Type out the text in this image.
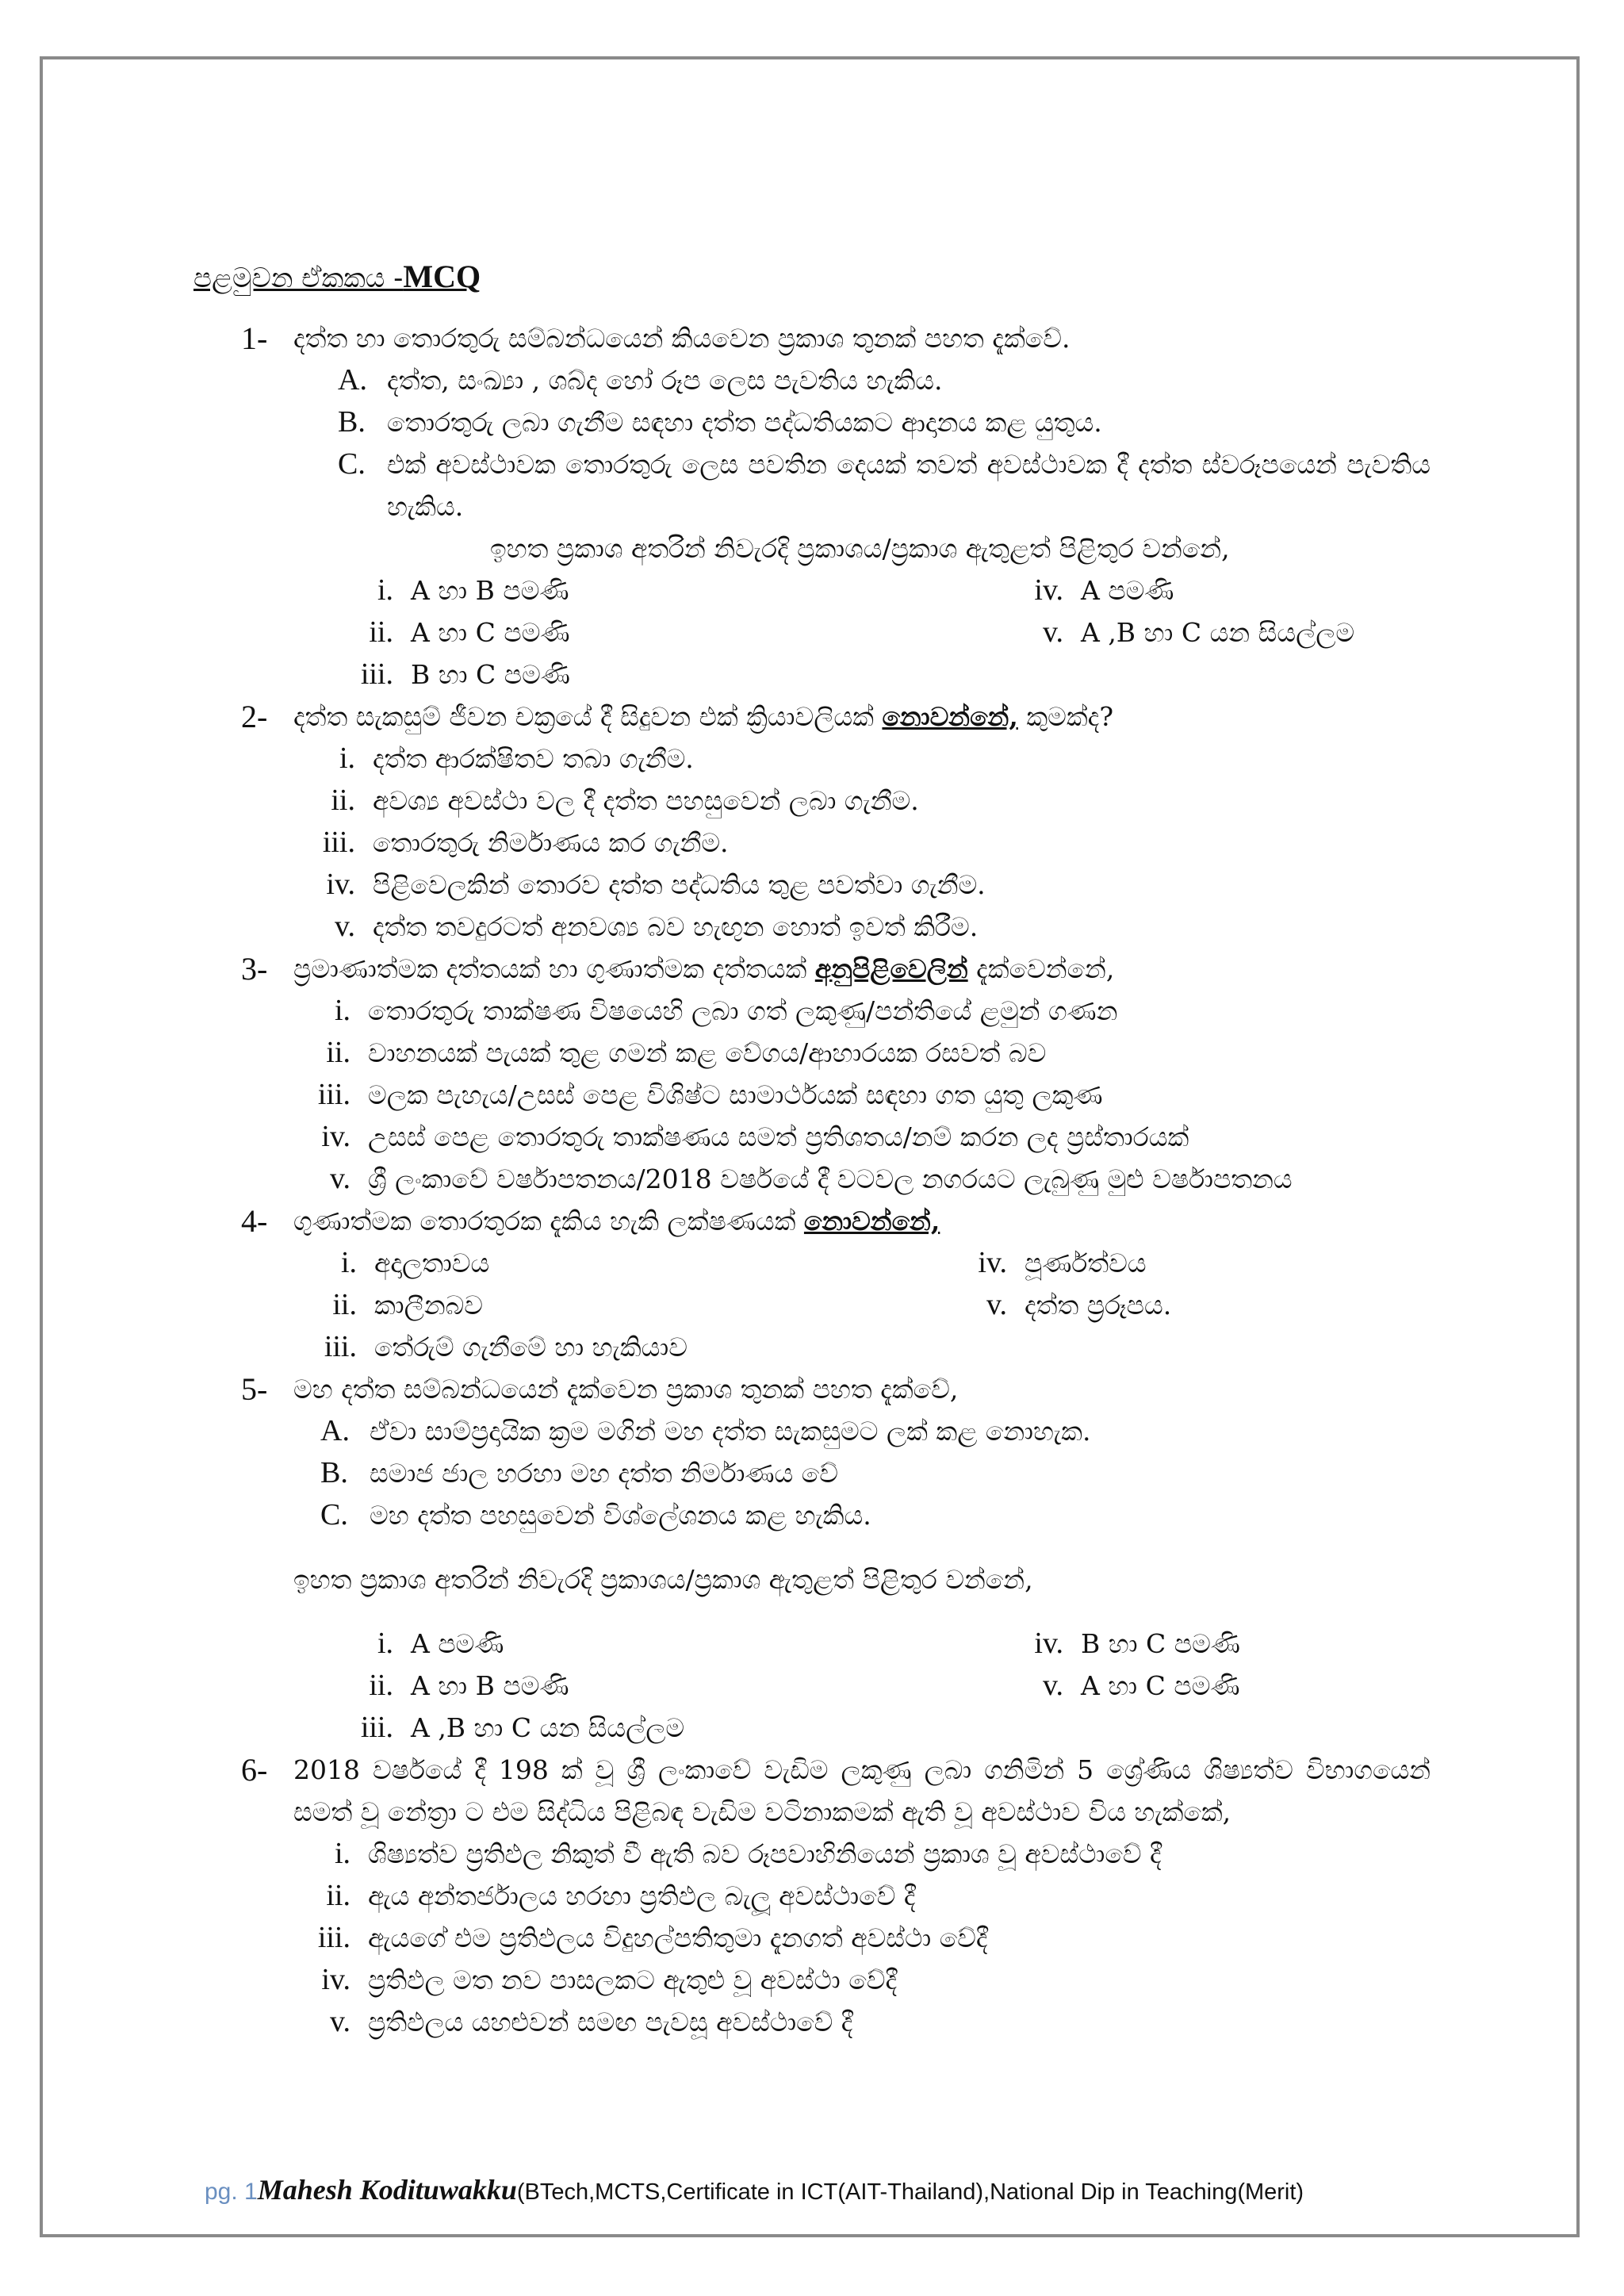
පළමුවන ඒකකය -MCQ
1- දත්ත හා තොරතුරු සම්බන්ධයෙන් කියවෙන ප්‍රකාශ තුනක් පහත දැක්වේ.
A. දත්ත, සංඛ්‍යා , ශබ්ද හෝ රූප ලෙස පැවතිය හැකිය.
B. තොරතුරු ලබා ගැනීම සඳහා දත්ත පද්ධතියකට ආදානය කළ යුතුය.
C. එක් අවස්ථාවක තොරතුරු ලෙස පවතින දෙයක් තවත් අවස්ථාවක දී දත්ත ස්වරූපයෙන් පැවතිය හැකිය.
ඉහත ප්‍රකාශ අතරින් නිවැරදි ප්‍රකාශය/ප්‍රකාශ ඇතුළත් පිළිතුර වන්නේ,
i. A හා B පමණි	iv. A පමණි
ii. A හා C පමණි	v. A ,B හා C යන සියල්ලම
iii. B හා C පමණි
2- දත්ත සැකසුම් ජීවන චක්‍රයේ දී සිදුවන එක් ක්‍රියාවලියක් නොවන්නේ, කුමක්ද?
i. දත්ත ආරක්ෂිතව තබා ගැනීම.
ii. අවශ්‍ය අවස්ථා වල දී දත්ත පහසුවෙන් ලබා ගැනීම.
iii. තොරතුරු නිර්මාණය කර ගැනීම.
iv. පිළිවෙලකින් තොරව දත්ත පද්ධතිය තුළ පවත්වා ගැනීම.
v. දත්ත තවදුරටත් අනවශ්‍ය බව හැඟුන හොත් ඉවත් කිරීම.
3- ප්‍රමාණාත්මක දත්තයක් හා ගුණාත්මක දත්තයක් අනුපිළිවෙලින් දැක්වෙන්නේ,
i. තොරතුරු තාක්ෂණ විෂයෙහි ලබා ගත් ලකුණු/පන්තියේ ළමුන් ගණන
ii. වාහනයක් පැයක් තුළ ගමන් කළ වේගය/ආහාරයක රසවත් බව
iii. මලක පැහැය/උසස් පෙළ විශිෂ්ට සාමාර්ථයක් සඳහා ගත යුතු ලකුණ
iv. උසස් පෙළ තොරතුරු තාක්ෂණය සමත් ප්‍රතිශතය/නම් කරන ලද ප්‍රස්තාරයක්
v. ශ්‍රී ලංකාවේ වර්ෂාපතනය/2018 වර්ෂයේ දී වටවල නගරයට ලැබුණු මුළු වර්ෂාපතනය
4- ගුණාත්මක තොරතුරක දැකිය හැකි ලක්ෂණයක් නොවන්නේ,
i. අදාලතාවය	iv. පූර්ණත්වය
ii. කාලීනබව	v. දත්ත ප්‍රරූපය.
iii. තේරුම් ගැනීමේ හා හැකියාව
5- මහ දත්ත සම්බන්ධයෙන් දැක්වෙන ප්‍රකාශ තුනක් පහත දැක්වේ,
A. ඒවා සාම්ප්‍රදායික ක්‍රම මගින් මහ දත්ත සැකසුමට ලක් කළ නොහැක.
B. සමාජ ජාල හරහා මහ දත්ත නිර්මාණය වේ
C. මහ දත්ත පහසුවෙන් විශ්ලේශනය කළ හැකිය.
ඉහත ප්‍රකාශ අතරින් නිවැරදි ප්‍රකාශය/ප්‍රකාශ ඇතුළත් පිළිතුර වන්නේ,
i. A පමණි	iv. B හා C පමණි
ii. A හා B පමණි	v. A හා C පමණි
iii. A ,B හා C යන සියල්ලම
6- 2018 වර්ෂයේ දී 198 ක් වූ ශ්‍රී ලංකාවේ වැඩිම ලකුණු ලබා ගනිමින් 5 ශ්‍රේණිය ශිෂ්‍යත්ව විභාගයෙන් සමත් වූ නේත්‍රා ට එම සිද්ධිය පිළිබඳ වැඩිම වටිනාකමක් ඇති වූ අවස්ථාව විය හැක්කේ,
i. ශිෂ්‍යත්ව ප්‍රතිඵල නිකුත් වී ඇති බව රූපවාහිනියෙන් ප්‍රකාශ වූ අවස්ථාවේ දී
ii. ඇය අන්තර්ජාලය හරහා ප්‍රතිඵල බැලූ අවස්ථාවේ දී
iii. ඇයගේ එම ප්‍රතිඵලය විදුහල්පතිතුමා දැනගත් අවස්ථා වේදී
iv. ප්‍රතිඵල මත නව පාසලකට ඇතුළු වූ අවස්ථා වේදී
v. ප්‍රතිඵලය යහළුවන් සමඟ පැවසූ අවස්ථාවේ දී
pg. 1Mahesh Kodituwakku(BTech,MCTS,Certificate in ICT(AIT-Thailand),National Dip in Teaching(Merit)
